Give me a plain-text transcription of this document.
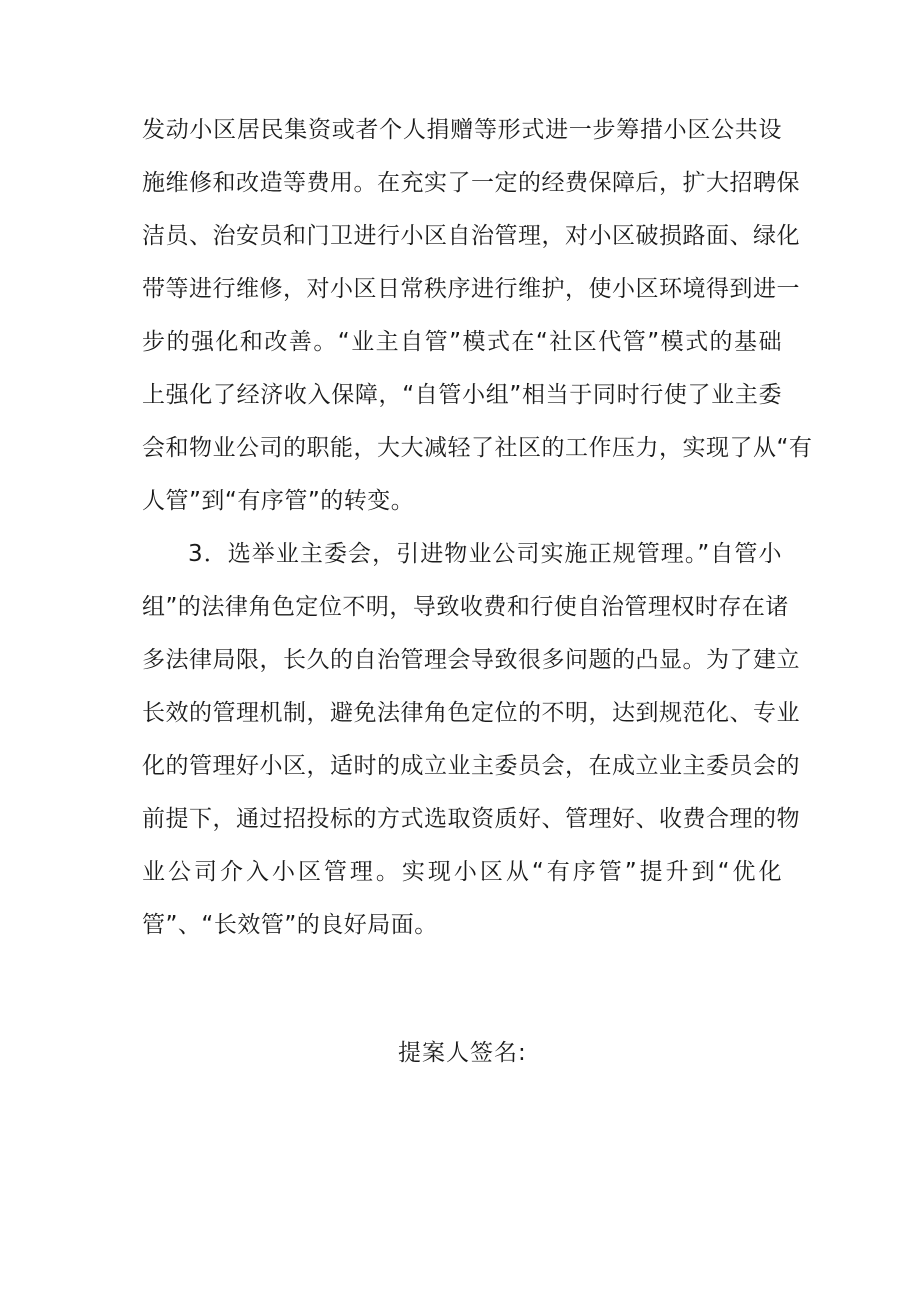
发动小区居民集资或者个人捐赠等形式进一步筹措小区公共设
施维修和改造等费用。在充实了一定的经费保障后，扩大招聘保
洁员、治安员和门卫进行小区自治管理，对小区破损路面、绿化
带等进行维修，对小区日常秩序进行维护，使小区环境得到进一
步的强化和改善。“业主自管”模式在“社区代管”模式的基础
上强化了经济收入保障，“自管小组”相当于同时行使了业主委
会和物业公司的职能，大大减轻了社区的工作压力，实现了从“有
人管”到“有序管”的转变。
3．选举业主委会，引进物业公司实施正规管理。”自管小
组”的法律角色定位不明，导致收费和行使自治管理权时存在诸
多法律局限，长久的自治管理会导致很多问题的凸显。为了建立
长效的管理机制，避免法律角色定位的不明，达到规范化、专业
化的管理好小区，适时的成立业主委员会，在成立业主委员会的
前提下，通过招投标的方式选取资质好、管理好、收费合理的物
业公司介入小区管理。实现小区从“有序管”提升到“优化
管”、“长效管”的良好局面。
提案人签名:
